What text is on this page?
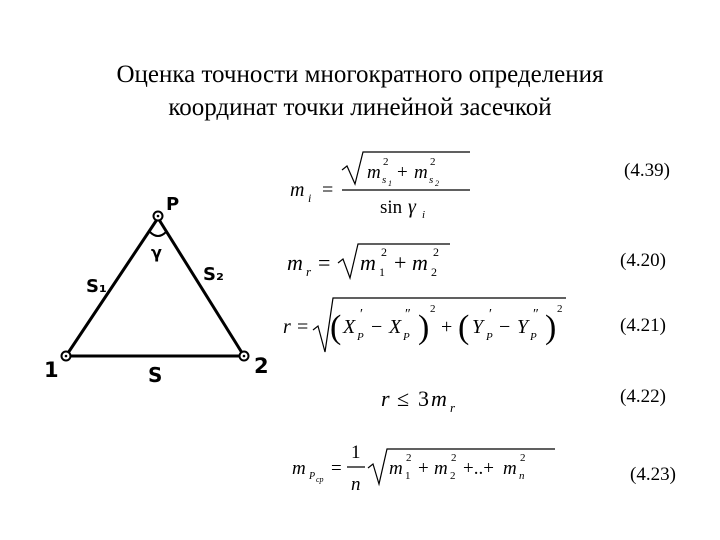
Оценка точности многократного определения
координат точки линейной засечкой
P
γ
S₁
S₂
S
1	2
m i =
m s 1
2 + m s 2
2
sin γ i
m r = m 1
2 + m 2
2
r = ( X P
′
− X P
″ ) 2
+ ( Y P
′
− Y P
″ ) 2
r ≤ 3 m r
m P ср
=
1
n
m 1
2 + m 2
2 +..+ m n
2
(4.39)
(4.20)
(4.21)
(4.22)
(4.23)
